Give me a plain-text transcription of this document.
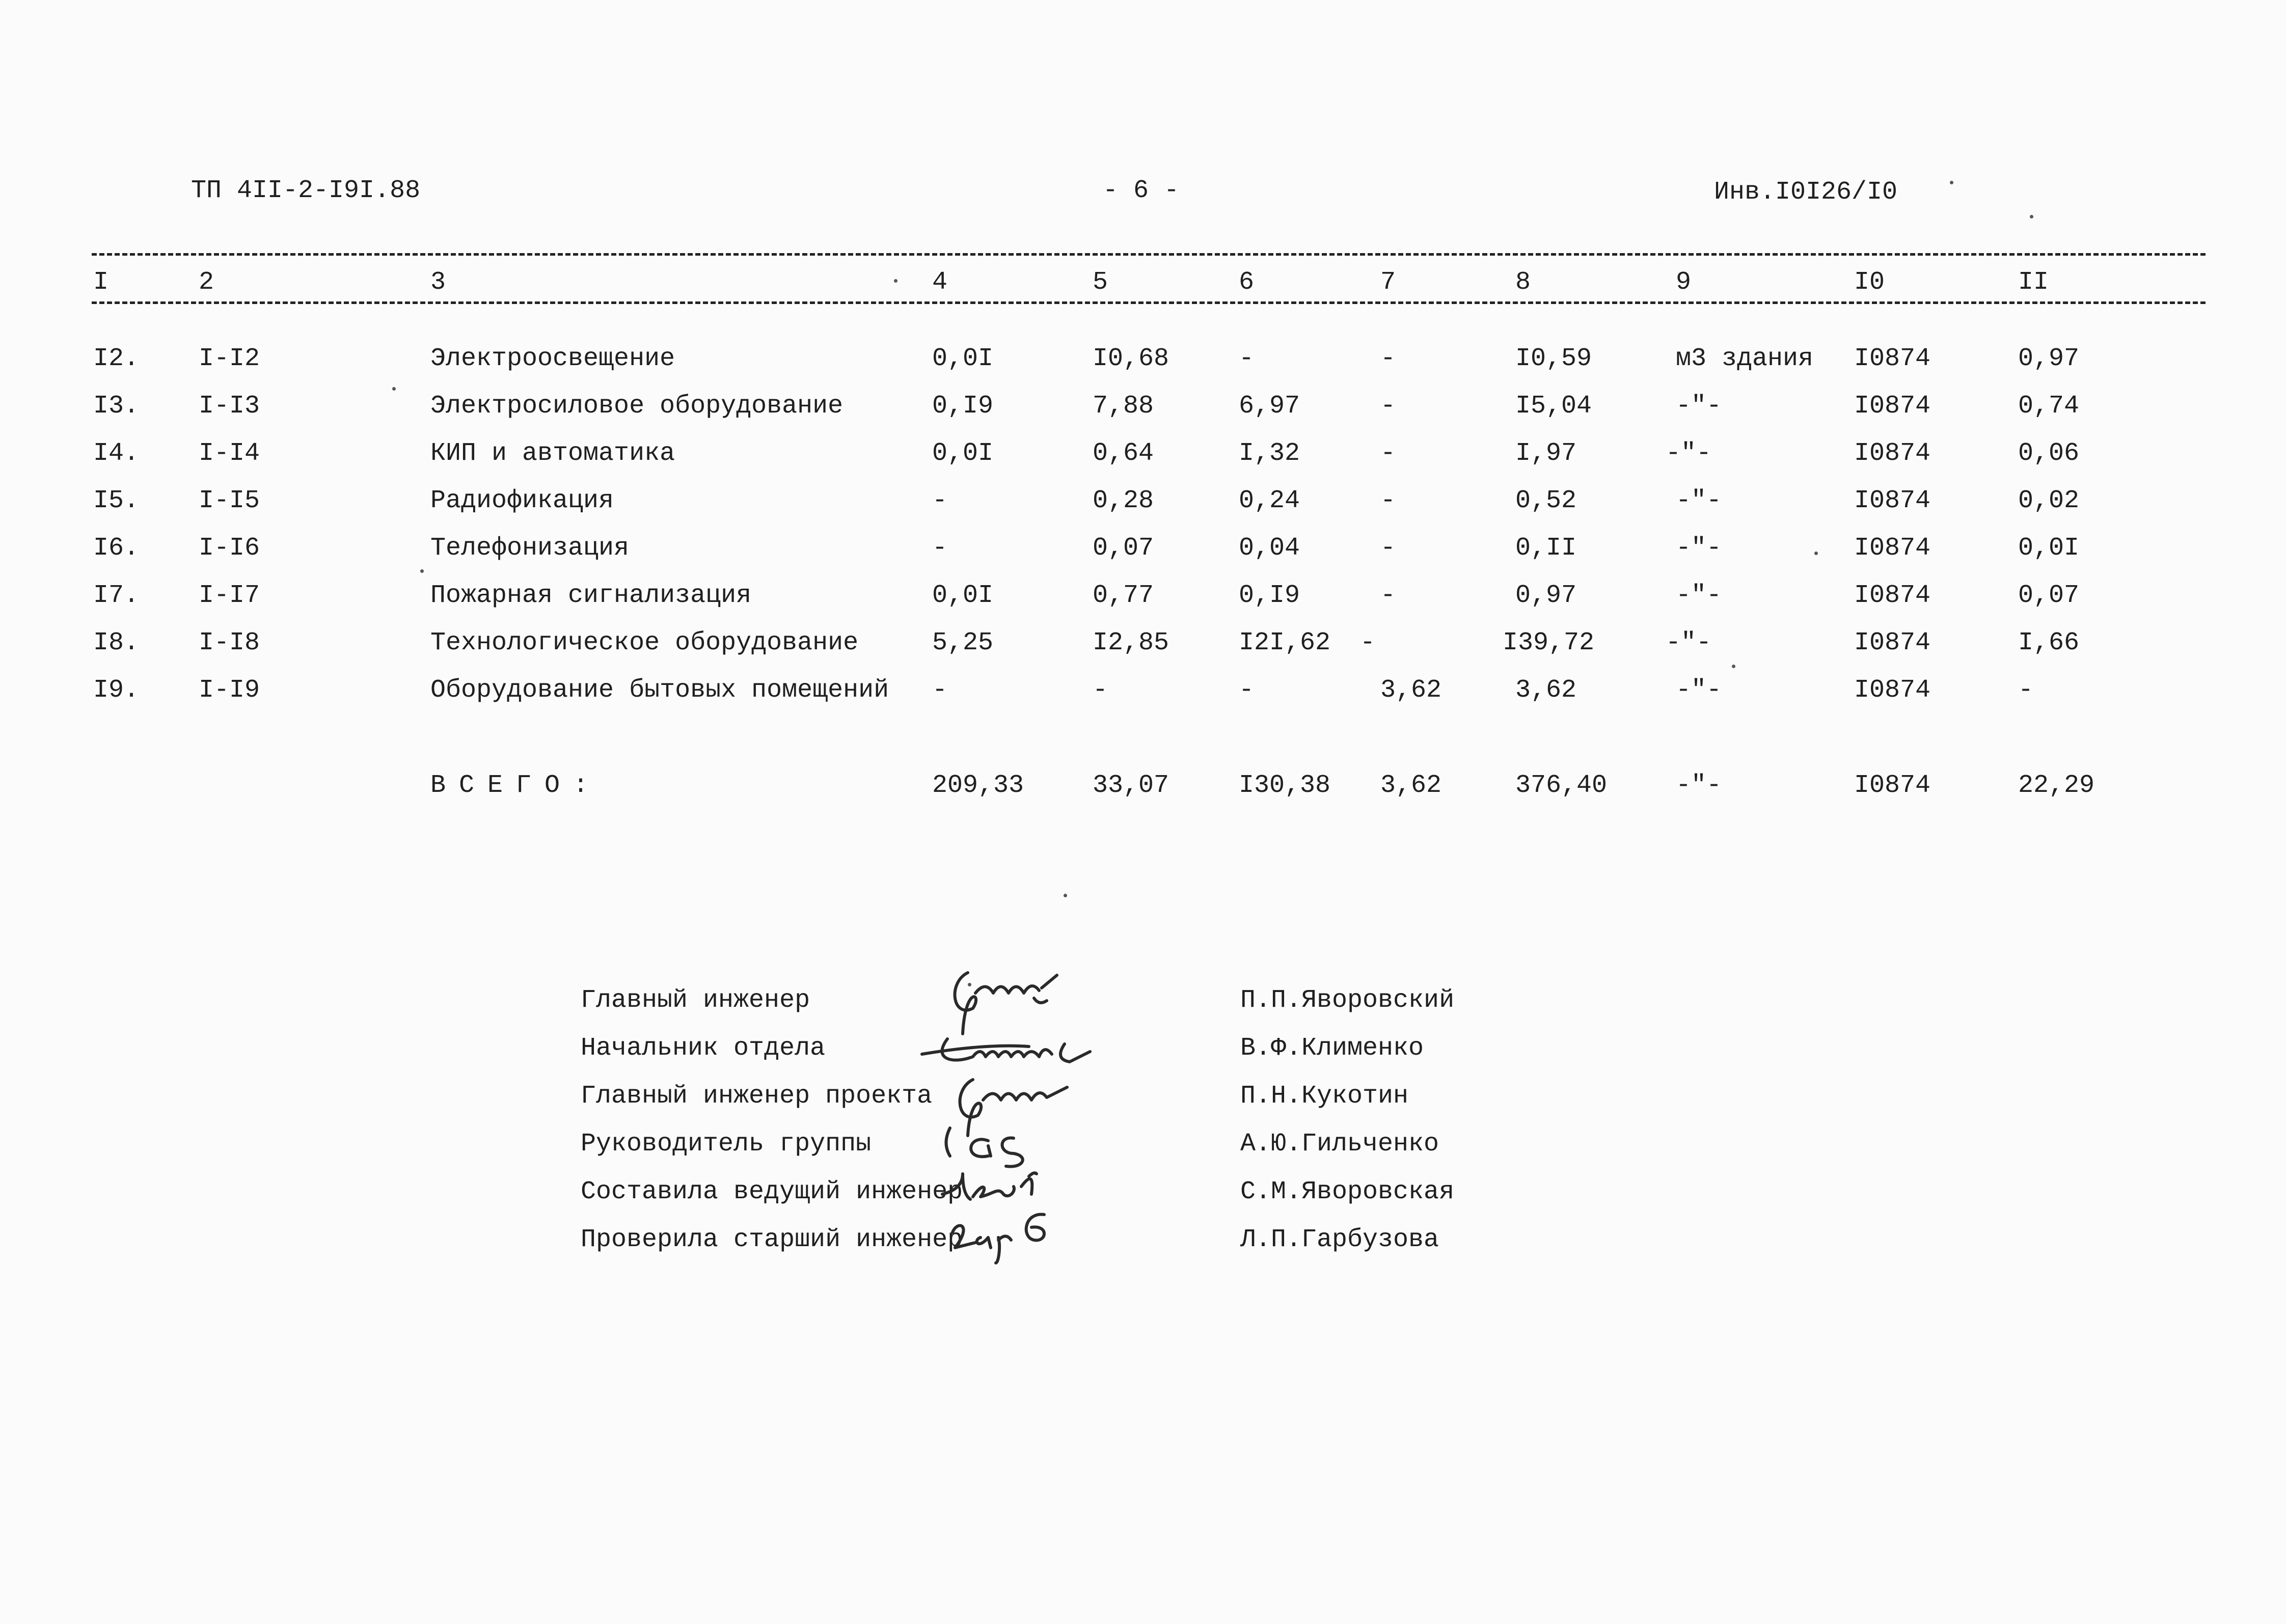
ТП 4II-2-I9I.88	- 6 -	Инв.I0I26/I0
I	2	3	4	5	6	7	8	9	I0	II
I2. I-I2	Электроосвещение	0,0I	I0,68	-	-	I0,59	м3 здания I0874	0,97
I3. I-I3	Электросиловое оборудование	0,I9	7,88	6,97	-	I5,04	-"-	I0874	0,74
I4. I-I4	КИП и автоматика	0,0I	0,64	I,32	-	I,97	-"-	I0874	0,06
I5. I-I5	Радиофикация	-	0,28	0,24	-	0,52	-"-	I0874	0,02
I6. I-I6	Телефонизация	-	0,07	0,04	-	0,II	-"-	I0874	0,0I
I7. I-I7	Пожарная сигнализация	0,0I	0,77	0,I9	-	0,97	-"-	I0874	0,07
I8. I-I8	Технологическое оборудование	5,25	I2,85	I2I,62 -	I39,72	-"-	I0874	I,66
I9. I-I9	Оборудование бытовых помещений -	-	-	3,62	3,62	-"-	I0874	-
ВСЕГО:	209,33	33,07	I30,38 3,62	376,40	-"-	I0874	22,29
Главный инженер	П.П.Яворовский
Начальник отдела	В.Ф.Клименко
Главный инженер проекта	П.Н.Кукотин
Руководитель группы	А.Ю.Гильченко
Составила ведущий инженер	С.М.Яворовская
Проверила старший инженер	Л.П.Гарбузова
